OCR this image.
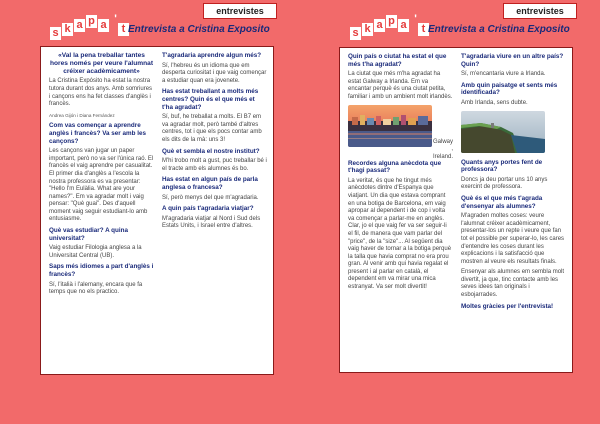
s k a p a '
t
entrevistes
Entrevista a Cristina Exposito

«Val la pena treballar tantes hores només per veure l'alumnat créixer acadèmicament»

La Cristina Expósito ha estat la nostra tutora durant dos anys. Amb somriures i cançons ens ha fet classes d'anglès i francès.

Andrea Gijón i Diana Fernández

Com vas començar a aprendre anglès i francès? Va ser amb les cançons?

Les cançons van jugar un paper important, però no va ser l'única raó. El francès el vaig aprendre per casualitat. El primer dia d'anglès a l'escola la nostra professora es va presentar: "Hello I'm Eulàlia. What are your names?". Em va agradar molt i vaig pensar: "Què guai". Des d'aquell moment vaig seguir estudiant-lo amb entusiasme.

Què vas estudiar? A quina universitat?

Vaig estudiar Filologia anglesa a la Universitat Central (UB).

Saps més idiomes a part d'anglès i francès?

Sí, l'italià i l'alemany, encara que fa temps que no els practico.

T'agradaria aprendre algun més?

Sí, l'hebreu és un idioma que em desperta curiositat i que vaig començar a estudiar quan era jovenete.

Has estat treballant a molts més centres? Quin és el que més et t'ha agradat?

Sí, buf, he treballat a molts. El B7 em va agradar molt, però també d'altres centres, tot i que els pocs contar amb els dits de la mà: uns 3!

Què et sembla el nostre institut?

M'hi trobo molt a gust, puc treballar bé i el tracte amb els alumnes és bo.

Has estat en algun país de parla anglesa o francesa?

Sí, però menys del que m'agradaria.

A quin país t'agradaria viatjar?

M'agradaria viatjar al Nord i Sud dels Estats Units, i Israel entre d'altres.

s k a p a '
t
entrevistes
Entrevista a Cristina Exposito

Quin país o ciutat ha estat el que més t'ha agradat?

La ciutat que més m'ha agradat ha estat Galway a Irlanda. Em va encantar perquè és una ciutat petita, familiar i amb un ambient molt irlandès.

Galway , Ireland.

Recordes alguna anècdota que t'hagi passat?

La veritat, és que he tingut més anècdotes dintre d'Espanya que viatjant. Un dia que estava comprant en una botiga de Barcelona, em vaig apropar al dependent i de cop i volta va començar a parlar-me en anglès. Clar, jo el que vaig fer va ser seguir-li el fil, de manera que vam parlar del "price", de la "size"... Al següent dia vaig haver de tornar a la botiga perquè la talla que havia comprat no era prou gran. Al venir amb qui havia regalat el present i al parlar en català, el dependent em va mirar una mica estranyat. Va ser molt divertit!

T'agradaria viure en un altre país? Quin?

Sí, m'encantaria viure a Irlanda.

Amb quin paisatge et sents més identificada?

Amb Irlanda, sens dubte.

Quants anys portes fent de professora?

Doncs ja deu portar uns 10 anys exercint de professora.

Què és el que més t'agrada d'ensenyar als alumnes?

M'agraden moltes coses: veure l'alumnat créixer acadèmicament, presentar-los un repte i veure que fan tot el possible per superar-lo, les cares d'entendre les coses durant les explicacions i la satisfacció que mostren al veure els resultats finals.

Ensenyar als alumnes em sembla molt divertit, ja que, tinc contacte amb les seves idees tan originals i esbojarrades.

Moltes gràcies per l'entrevista!
